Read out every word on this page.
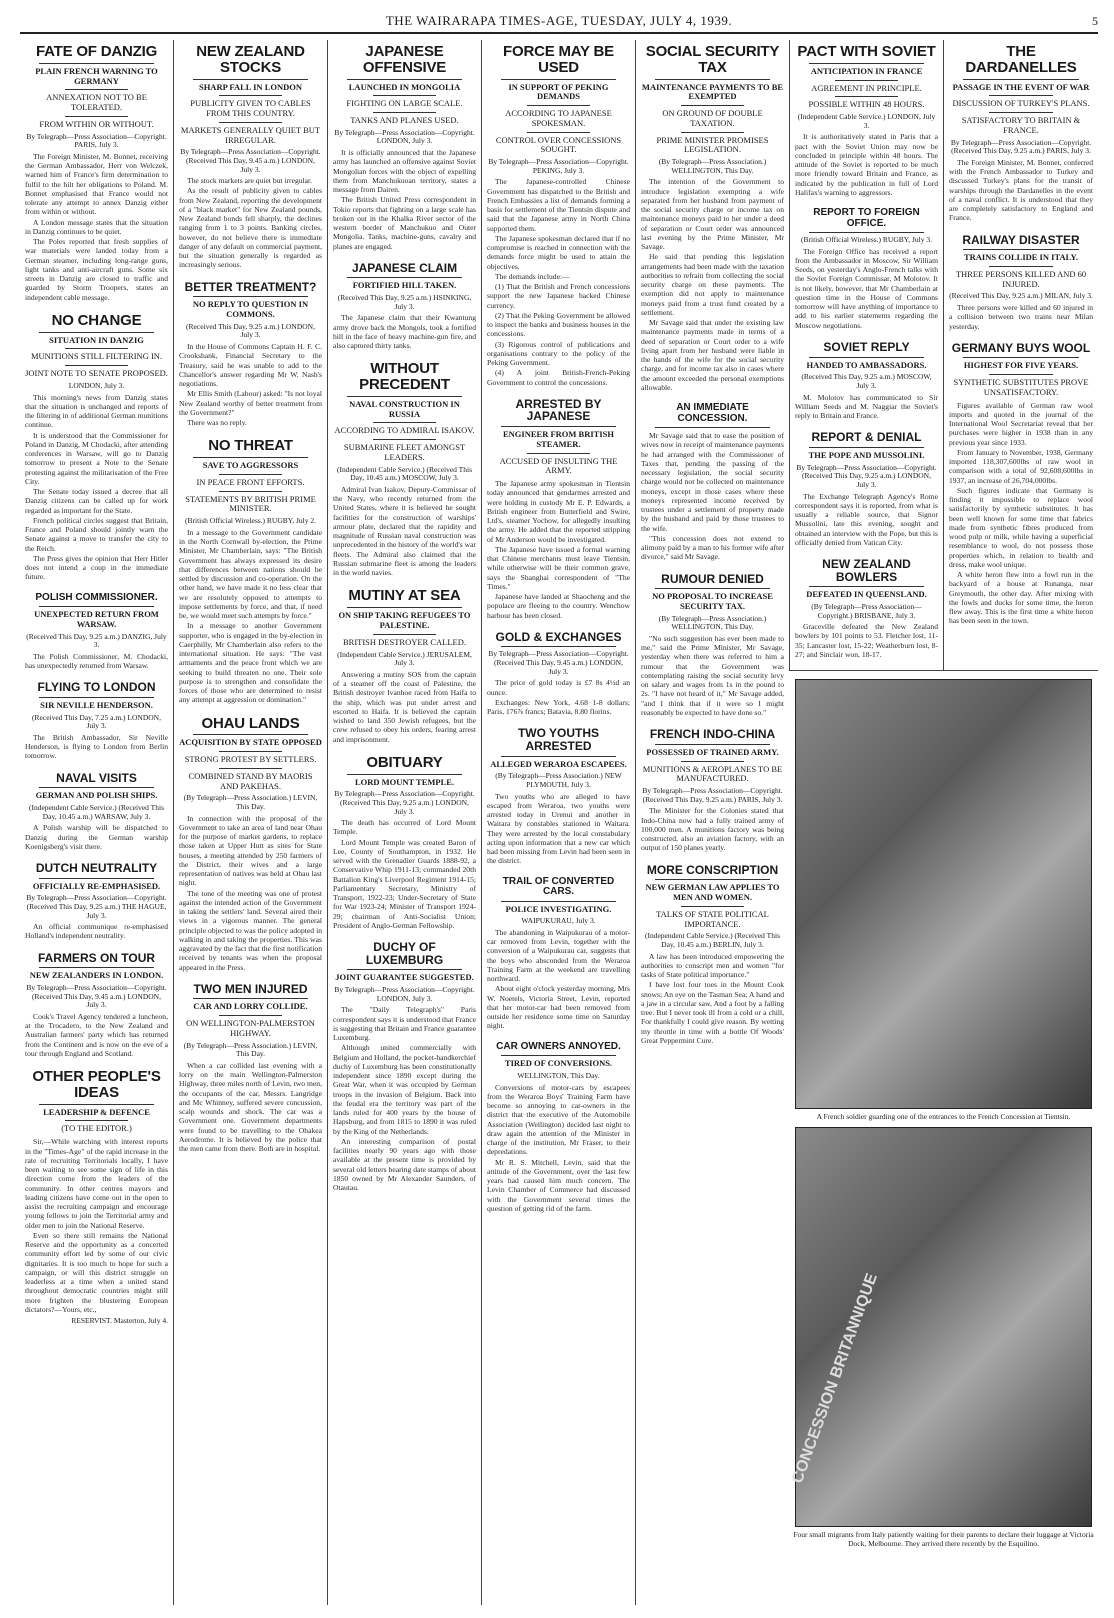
THE WAIRARAPA TIMES-AGE, TUESDAY, JULY 4, 1939.	5
FATE OF DANZIG
PLAIN FRENCH WARNING TO GERMANY
ANNEXATION NOT TO BE TOLERATED.
FROM WITHIN OR WITHOUT.
By Telegraph—Press Association—Copyright. PARIS, July 3.

The Foreign Minister, M. Bonnet, receiving the German Ambassador, Herr von Welczek, warned him of France's firm determination to fulfil to the hilt her obligations to Poland. M. Bonnet emphasised that France would not tolerate any attempt to annex Danzig either from within or without.

A London message states that the situation in Danzig continues to be quiet.

The Poles reported that fresh supplies of war materials were landed today from a German steamer, including long-range guns, light tanks and anti-aircraft guns. Some six streets in Danzig are closed to traffic and guarded by Storm Troopers, states an independent cable message.

NO CHANGE
SITUATION IN DANZIG
MUNITIONS STILL FILTERING IN.
JOINT NOTE TO SENATE PROPOSED.
LONDON, July 3.

This morning's news from Danzig states that the situation is unchanged and reports of the filtering in of additional German munitions continue.

It is understood that the Commissioner for Poland in Danzig, M Chodacki, after attending conferences in Warsaw, will go to Danzig tomorrow to present a Note to the Senate protesting against the militarisation of the Free City.

The Senate today issued a decree that all Danzig citizens can be called up for work regarded as important for the State.

French political circles suggest that Britain, France and Poland should jointly warn the Senate against a move to transfer the city to the Reich.

The Press gives the opinion that Herr Hitler does not intend a coup in the immediate future.

POLISH COMMISSIONER.
UNEXPECTED RETURN FROM WARSAW.
(Received This Day, 9.25 a.m.) DANZIG, July 3.

The Polish Commissioner, M. Chodacki, has unexpectedly returned from Warsaw.

FLYING TO LONDON
SIR NEVILLE HENDERSON.
(Received This Day, 7.25 a.m.) LONDON, July 3.

The British Ambassador, Sir Neville Henderson, is flying to London from Berlin tomorrow.

NAVAL VISITS
GERMAN AND POLISH SHIPS.
(Independent Cable Service.) (Received This Day, 10.45 a.m.) WARSAW, July 3.

A Polish warship will be dispatched to Danzig during the German warship Koenigsberg's visit there.

DUTCH NEUTRALITY
OFFICIALLY RE-EMPHASISED.
By Telegraph—Press Association—Copyright. (Received This Day, 9.25 a.m.) THE HAGUE, July 3.

An official communique re-emphasised Holland's independent neutrality.

FARMERS ON TOUR
NEW ZEALANDERS IN LONDON.
By Telegraph—Press Association—Copyright. (Received This Day, 9.45 a.m.) LONDON, July 3.

Cook's Travel Agency tendered a luncheon, at the Trocadero, to the New Zealand and Australian farmers' party which has returned from the Continent and is now on the eve of a tour through England and Scotland.

OTHER PEOPLE'S IDEAS
LEADERSHIP & DEFENCE
(TO THE EDITOR.)

Sir,—While watching with interest reports in the "Times-Age" of the rapid increase in the rate of recruiting Territorials locally, I have been waiting to see some sign of life in this direction come from the leaders of the community. In other centres mayors and leading citizens have come out in the open to assist the recruiting campaign and encourage young fellows to join the Territorial army and older men to join the National Reserve.

Even so there still remains the National Reserve and the opportunity as a concerted community effort led by some of our civic dignitaries. It is too much to hope for such a campaign, or will this district struggle on leaderless at a time when a united stand throughout democratic countries might still more frighten the blustering European dictators?—Yours, etc.,

RESERVIST. Masterton, July 4.
NEW ZEALAND STOCKS
SHARP FALL IN LONDON
PUBLICITY GIVEN TO CABLES FROM THIS COUNTRY.
MARKETS GENERALLY QUIET BUT IRREGULAR.
By Telegraph—Press Association—Copyright. (Received This Day, 9.45 a.m.) LONDON, July 3.

The stock markets are quiet but irregular.

As the result of publicity given to cables from New Zealand, reporting the development of a "black market" for New Zealand pounds, New Zealand bonds fell sharply, the declines ranging from 1 to 3 points. Banking circles, however, do not believe there is immediate danger of any default on commercial payment, but the situation generally is regarded as increasingly serious.

BETTER TREATMENT?
NO REPLY TO QUESTION IN COMMONS.
(Received This Day, 9.25 a.m.) LONDON, July 3.

In the House of Commons Captain H. F. C. Crookshank, Financial Secretary to the Treasury, said he was unable to add to the Chancellor's answer regarding Mr W. Nash's negotiations.

Mr Ellis Smith (Labour) asked: "Is not loyal New Zealand worthy of better treatment from the Government?"

There was no reply.

NO THREAT
SAVE TO AGGRESSORS
IN PEACE FRONT EFFORTS.
STATEMENTS BY BRITISH PRIME MINISTER.
(British Official Wireless.) RUGBY, July 2.

In a message to the Government candidate in the North Cornwall by-election, the Prime Minister, Mr Chamberlain, says: "The British Government has always expressed its desire that differences between nations should be settled by discussion and co-operation. On the other hand, we have made it no less clear that we are resolutely opposed to attempts to impose settlements by force, and that, if need be, we would meet such attempts by force."

In a message to another Government supporter, who is engaged in the by-election in Caerphilly, Mr Chamberlain also refers to the international situation. He says: "The vast armaments and the peace front which we are seeking to build threaten no one. Their sole purpose is to strengthen and consolidate the forces of those who are determined to resist any attempt at aggression or domination."

OHAU LANDS
ACQUISITION BY STATE OPPOSED
STRONG PROTEST BY SETTLERS.
COMBINED STAND BY MAORIS AND PAKEHAS.
(By Telegraph—Press Association.) LEVIN, This Day.

In connection with the proposal of the Government to take an area of land near Ohau for the purpose of market gardens, to replace those taken at Upper Hutt as sites for State houses, a meeting attended by 250 farmers of the District, their wives and a large representation of natives was held at Ohau last night.

The tone of the meeting was one of protest against the intended action of the Government in taking the settlers' land. Several aired their views in a vigorous manner. The general principle objected to was the policy adopted in walking in and taking the properties. This was aggravated by the fact that the first notification received by tenants was when the proposal appeared in the Press.

TWO MEN INJURED
CAR AND LORRY COLLIDE.
ON WELLINGTON-PALMERSTON HIGHWAY.
(By Telegraph—Press Association.) LEVIN, This Day.

When a car collided last evening with a lorry on the main Wellington-Palmerston Highway, three miles north of Levin, two men, the occupants of the car, Messrs. Langridge and Mc Whinney, suffered severe concussion, scalp wounds and shock. The car was a Government one. Government departments were found to be travelling to the Ohakea Aerodrome. It is believed by the police that the men came from there. Both are in hospital.

JAPANESE OFFENSIVE
LAUNCHED IN MONGOLIA
FIGHTING ON LARGE SCALE.
TANKS AND PLANES USED.
By Telegraph—Press Association—Copyright. LONDON, July 3.

It is officially announced that the Japanese army has launched an offensive against Soviet Mongolian forces with the object of expelling them from Manchukuoan territory, states a message from Dairen.

The British United Press correspondent in Tokio reports that fighting on a large scale has broken out in the Khalka River sector of the western border of Manchukuo and Outer Mongolia. Tanks, machine-guns, cavalry and planes are engaged.

JAPANESE CLAIM
FORTIFIED HILL TAKEN.
(Received This Day, 9.25 a.m.) HSINKING, July 3.

The Japanese claim that their Kwantung army drove back the Mongols, took a fortified hill in the face of heavy machine-gun fire, and also captured thirty tanks.

WITHOUT PRECEDENT
NAVAL CONSTRUCTION IN RUSSIA
ACCORDING TO ADMIRAL ISAKOV.
SUBMARINE FLEET AMONGST LEADERS.
(Independent Cable Service.) (Received This Day, 10.45 a.m.) MOSCOW, July 3.

Admiral Ivan Isakov, Deputy-Commissar of the Navy, who recently returned from the United States, where it is believed he sought facilities for the construction of warships' armour plate, declared that the rapidity and magnitude of Russian naval construction was unprecedented in the history of the world's war fleets. The Admiral also claimed that the Russian submarine fleet is among the leaders in the world navies.

MUTINY AT SEA
ON SHIP TAKING REFUGEES TO PALESTINE.
BRITISH DESTROYER CALLED.
(Independent Cable Service.) JERUSALEM, July 3.

Answering a mutiny SOS from the captain of a steamer off the coast of Palestine, the British destroyer Ivanhoe raced from Haifa to the ship, which was put under arrest and escorted to Haifa. It is believed the captain wished to land 350 Jewish refugees, but the crew refused to obey his orders, fearing arrest and imprisonment.

OBITUARY
LORD MOUNT TEMPLE.
By Telegraph—Press Association—Copyright. (Received This Day, 9.25 a.m.) LONDON, July 3.

The death has occurred of Lord Mount Temple.

Lord Mount Temple was created Baron of Lee, County of Southampton, in 1932. He served with the Grenadier Guards 1888-92, a Conservative Whip 1911-13; commanded 20th Battalion King's Liverpool Regiment 1914-15; Parliamentary Secretary, Ministry of Transport, 1922-23; Under-Secretary of State for War 1923-24; Minister of Transport 1924-29; chairman of Anti-Socialist Union; President of Anglo-German Fellowship.

DUCHY OF LUXEMBURG
JOINT GUARANTEE SUGGESTED.
By Telegraph—Press Association—Copyright. LONDON, July 3.

The "Daily Telegraph's" Paris correspondent says it is understood that France is suggesting that Britain and France guarantee Luxemburg.

Although united commercially with Belgium and Holland, the pocket-handkerchief duchy of Luxemburg has been constitutionally independent since 1890 except during the Great War, when it was occupied by German troops in the invasion of Belgium. Back into the feudal era the territory was part of the lands ruled for 400 years by the house of Hapsburg, and from 1815 to 1890 it was ruled by the King of the Netherlands.

An interesting comparison of postal facilities nearly 90 years ago with those available at the present time is provided by several old letters bearing date stamps of about 1850 owned by Mr Alexander Saunders, of Otautau.

FORCE MAY BE USED
IN SUPPORT OF PEKING DEMANDS
ACCORDING TO JAPANESE SPOKESMAN.
CONTROL OVER CONCESSIONS SOUGHT.
By Telegraph—Press Association—Copyright. PEKING, July 3.

The Japanese-controlled Chinese Government has dispatched to the British and French Embassies a list of demands forming a basis for settlement of the Tientsin dispute and said that the Japanese army in North China supported them.

The Japanese spokesman declared that if no compromise is reached in connection with the demands force might be used to attain the objectives.

The demands include:—

(1) That the British and French concessions support the new Japanese backed Chinese currency.

(2) That the Peking Government be allowed to inspect the banks and business houses in the concessions.

(3) Rigorous control of publications and organisations contrary to the policy of the Peking Government.

(4) A joint British-French-Peking Government to control the concessions.

ARRESTED BY JAPANESE
ENGINEER FROM BRITISH STEAMER.
ACCUSED OF INSULTING THE ARMY.

The Japanese army spokesman in Tientsin today announced that gendarmes arrested and were holding in custody Mr E. P. Edwards, a British engineer from Butterfield and Swire, Ltd's, steamer Yochow, for allegedly insulting the army. He added that the reported stripping of Mr Anderson would be investigated.

The Japanese have issued a formal warning that Chinese merchants must leave Tientsin, while otherwise will be their common grave, says the Shanghai correspondent of "The Times."

Japanese have landed at Shaocheng and the populace are fleeing to the country. Wenchow harbour has been closed.

GOLD & EXCHANGES
By Telegraph—Press Association—Copyright. (Received This Day, 9.45 a.m.) LONDON, July 3.

The price of gold today is £7 8s 4½d an ounce.

Exchanges: New York, 4.68 1-8 dollars; Paris, 176⅞ francs; Batavia, 8.80 florins.

TWO YOUTHS ARRESTED
ALLEGED WERAROA ESCAPEES.
(By Telegraph—Press Association.) NEW PLYMOUTH, July 3.

Two youths who are alleged to have escaped from Weraroa, two youths were arrested today in Urenui and another in Waitara by constables stationed in Waitara. They were arrested by the local constabulary acting upon information that a new car which had been missing from Levin had been seen in the district.

TRAIL OF CONVERTED CARS.
POLICE INVESTIGATING.
WAIPUKURAU, July 3.

The abandoning in Waipukurau of a motor-car removed from Levin, together with the conversion of a Waipukurau car, suggests that the boys who absconded from the Weraroa Training Farm at the weekend are travelling northward.

About eight o'clock yesterday morning, Mrs W. Noetels, Victoria Street, Levin, reported that her motor-car had been removed from outside her residence some time on Saturday night.

CAR OWNERS ANNOYED.
TIRED OF CONVERSIONS.
WELLINGTON, This Day.

Conversions of motor-cars by escapees from the Weraroa Boys' Training Farm have become so annoying to car-owners in the district that the executive of the Automobile Association (Wellington) decided last night to draw again the attention of the Minister in charge of the institution, Mr Fraser, to their depredations.

Mr R. S. Mitchell, Levin, said that the attitude of the Government, over the last few years had caused him much concern. The Levin Chamber of Commerce had discussed with the Government several times the question of getting rid of the farm.

SOCIAL SECURITY TAX
MAINTENANCE PAYMENTS TO BE EXEMPTED
ON GROUND OF DOUBLE TAXATION.
PRIME MINISTER PROMISES LEGISLATION.
(By Telegraph—Press Association.) WELLINGTON, This Day.

The intention of the Government to introduce legislation exempting a wife separated from her husband from payment of the social security charge or income tax on maintenance moneys paid to her under a deed of separation or Court order was announced last evening by the Prime Minister, Mr Savage.

He said that pending this legislation arrangements had been made with the taxation authorities to refrain from collecting the social security charge on these payments. The exemption did not apply to maintenance moneys paid from a trust fund created by a settlement.

Mr Savage said that under the existing law maintenance payments made in terms of a deed of separation or Court order to a wife living apart from her husband were liable in the hands of the wife for the social security charge, and for income tax also in cases where the amount exceeded the personal exemptions allowable.

AN IMMEDIATE CONCESSION.

Mr Savage said that to ease the position of wives now in receipt of maintenance payments he had arranged with the Commissioner of Taxes that, pending the passing of the necessary legislation, the social security charge would not be collected on maintenance moneys, except in those cases where these moneys represented income received by trustees under a settlement of property made by the husband and paid by those trustees to the wife.

"This concession does not extend to alimony paid by a man to his former wife after divorce," said Mr Savage.

RUMOUR DENIED
NO PROPOSAL TO INCREASE SECURITY TAX.
(By Telegraph—Press Association.) WELLINGTON, This Day.

"No such suggestion has ever been made to me," said the Prime Minister, Mr Savage, yesterday when there was referred to him a rumour that the Government was contemplating raising the social security levy on salary and wages from 1s in the pound to 2s. "I have not heard of it," Mr Savage added, "and I think that if it were so I might reasonably be expected to have done so."

FRENCH INDO-CHINA
POSSESSED OF TRAINED ARMY.
MUNITIONS & AEROPLANES TO BE MANUFACTURED.
By Telegraph—Press Association—Copyright. (Received This Day, 9.25 a.m.) PARIS, July 3.

The Minister for the Colonies stated that Indo-China now had a fully trained army of 100,000 men. A munitions factory was being constructed, also an aviation factory, with an output of 150 planes yearly.

MORE CONSCRIPTION
NEW GERMAN LAW APPLIES TO MEN AND WOMEN.
TALKS OF STATE POLITICAL IMPORTANCE.
(Independent Cable Service.) (Received This Day, 10.45 a.m.) BERLIN, July 3.

A law has been introduced empowering the authorities to conscript men and women "for tasks of State political importance."

I have lost four toes in the Mount Cook snows; An eye on the Tasman Sea; A hand and a jaw in a circular saw, And a foot by a falling tree. But I never took ill from a cold or a chill, For thankfully I could give reason. By wetting my throttle in time with a bottle Of Woods' Great Peppermint Cure.

PACT WITH SOVIET
ANTICIPATION IN FRANCE
AGREEMENT IN PRINCIPLE.
POSSIBLE WITHIN 48 HOURS.
(Independent Cable Service.) LONDON, July 3.

It is authoritatively stated in Paris that a pact with the Soviet Union may now be concluded in principle within 48 hours. The attitude of the Soviet is reported to be much more friendly toward Britain and France, as indicated by the publication in full of Lord Halifax's warning to aggressors.

REPORT TO FOREIGN OFFICE.
(British Official Wireless.) RUGBY, July 3.

The Foreign Office has received a report from the Ambassador in Moscow, Sir William Seeds, on yesterday's Anglo-French talks with the Soviet Foreign Commissar, M Molotov. It is not likely, however, that Mr Chamberlain at question time in the House of Commons tomorrow will have anything of importance to add to his earlier statements regarding the Moscow negotiations.

SOVIET REPLY
HANDED TO AMBASSADORS.
(Received This Day, 9.25 a.m.) MOSCOW, July 3.

M. Molotov has communicated to Sir William Seeds and M. Naggiar the Soviet's reply to Britain and France.

REPORT & DENIAL
THE POPE AND MUSSOLINI.
By Telegraph—Press Association—Copyright. (Received This Day, 9.25 a.m.) LONDON, July 3.

The Exchange Telegraph Agency's Rome correspondent says it is reported, from what is usually a reliable source, that Signor Mussolini, late this evening, sought and obtained an interview with the Pope, but this is officially denied from Vatican City.

NEW ZEALAND BOWLERS
DEFEATED IN QUEENSLAND.
(By Telegraph—Press Association—Copyright.) BRISBANE, July 3.

Graceville defeated the New Zealand bowlers by 101 points to 53. Fletcher lost, 11-35; Lancaster lost, 15-22; Weatherburn lost, 8-27; and Sinclair won, 18-17.

THE DARDANELLES
PASSAGE IN THE EVENT OF WAR
DISCUSSION OF TURKEY'S PLANS.
SATISFACTORY TO BRITAIN & FRANCE.
By Telegraph—Press Association—Copyright. (Received This Day, 9.25 a.m.) PARIS, July 3.

The Foreign Minister, M. Bonnet, conferred with the French Ambassador to Turkey and discussed Turkey's plans for the transit of warships through the Dardanelles in the event of a naval conflict. It is understood that they are completely satisfactory to England and France.

RAILWAY DISASTER
TRAINS COLLIDE IN ITALY.
THREE PERSONS KILLED AND 60 INJURED.
(Received This Day, 9.25 a.m.) MILAN, July 3.

Three persons were killed and 60 injured in a collision between two trains near Milan yesterday.

GERMANY BUYS WOOL
HIGHEST FOR FIVE YEARS.
SYNTHETIC SUBSTITUTES PROVE UNSATISFACTORY.

Figures available of German raw wool imports and quoted in the journal of the International Wool Secretariat reveal that her purchases were higher in 1938 than in any previous year since 1933.

From January to November, 1938, Germany imported 118,307,600lbs of raw wool in comparison with a total of 92,608,600lbs in 1937, an increase of 26,704,000lbs.

Such figures indicate that Germany is finding it impossible to replace wool satisfactorily by synthetic substitutes. It has been well known for some time that fabrics made from synthetic fibres produced from wood pulp or milk, while having a superficial resemblance to wool, do not possess those properties which, in relation to health and dress, make wool unique.

A white heron flew into a fowl run in the backyard of a house at Runanga, near Greymouth, the other day. After mixing with the fowls and ducks for some time, the heron flew away. This is the first time a white heron has been seen in the town.

A French soldier guarding one of the entrances to the French Concession at Tientsin.
CONCESSION BRITANNIQUE
Four small migrants from Italy patiently waiting for their parents to declare their luggage at Victoria Dock, Melbourne. They arrived there recently by the Esquilino.
